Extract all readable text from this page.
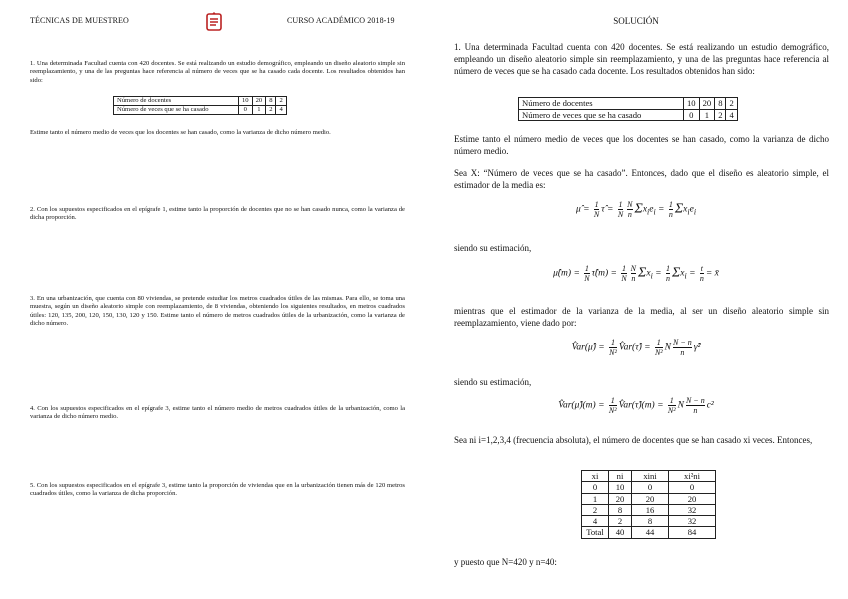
TÉCNICAS DE MUESTREO	CURSO ACADÉMICO 2018-19
1. Una determinada Facultad cuenta con 420 docentes. Se está realizando un estudio demográfico, empleando un diseño aleatorio simple sin reemplazamiento, y una de las preguntas hace referencia al número de veces que se ha casado cada docente. Los resultados obtenidos han sido:
Número de docentes	10	20	8	2
Número de veces que se ha casado	0	1	2	4
Estime tanto el número medio de veces que los docentes se han casado, como la varianza de dicho número medio.
2. Con los supuestos especificados en el epígrafe 1, estime tanto la proporción de docentes que no se han casado nunca, como la varianza de dicha proporción.
3. En una urbanización, que cuenta con 80 viviendas, se pretende estudiar los metros cuadrados útiles de las mismas. Para ello, se toma una muestra, según un diseño aleatorio simple con reemplazamiento, de 8 viviendas, obteniendo los siguientes resultados, en metros cuadrados útiles: 120, 135, 200, 120, 150, 130, 120 y 150. Estime tanto el número de metros cuadrados útiles de la urbanización, como la varianza de dicho número.
4. Con los supuestos especificados en el epígrafe 3, estime tanto el número medio de metros cuadrados útiles de la urbanización, como la varianza de dicho número medio.
5. Con los supuestos especificados en el epígrafe 3, estime tanto la proporción de viviendas que en la urbanización tienen más de 120 metros cuadrados útiles, como la varianza de dicha proporción.
SOLUCIÓN
1. Una determinada Facultad cuenta con 420 docentes. Se está realizando un estudio demográfico, empleando un diseño aleatorio simple sin reemplazamiento, y una de las preguntas hace referencia al número de veces que se ha casado cada docente. Los resultados obtenidos han sido:
Número de docentes	10	20	8	2
Número de veces que se ha casado	0	1	2	4
Estime tanto el número medio de veces que los docentes se han casado, como la varianza de dicho número medio.
Sea X: “Número de veces que se ha casado”. Entonces, dado que el diseño es aleatorio simple, el estimador de la media es:
μ̂ = $\frac{1}{N}$ τ̂ = $\frac{1}{N} \frac{N}{n} \Sigma x_ie_i = \frac{1}{n} \Sigma x_ie_i$
siendo su estimación,
μ̂(m) = $\frac{1}{N}$ τ̂(m) = $\frac{1}{N} \frac{N}{n} \Sigma x_i = \frac{1}{n} \Sigma x_i = \frac{t}{n}$ = x̄
mientras que el estimador de la varianza de la media, al ser un diseño aleatorio simple sin reemplazamiento, viene dado por:
V̂ar(μ̂) = $\frac{1}{\text{N²}}$ V̂ar(τ̂) = $\frac{1}{\text{N²}}$ N $\frac{N - n}{n}$ γ̂²
siendo su estimación,
V̂ar(μ̂)(m) = $\frac{1}{\text{N²}}$ V̂ar(τ̂)(m) = $\frac{1}{\text{N²}}$ N $\frac{N - n}{n} c^2$
Sea ni i=1,2,3,4 (frecuencia absoluta), el número de docentes que se han casado xi veces. Entonces,
xi	ni	xini	xi²ni
0	10	0	0
1	20	20	20
2	8	16	32
4	2	8	32
Total	40	44	84
y puesto que N=420 y n=40:
